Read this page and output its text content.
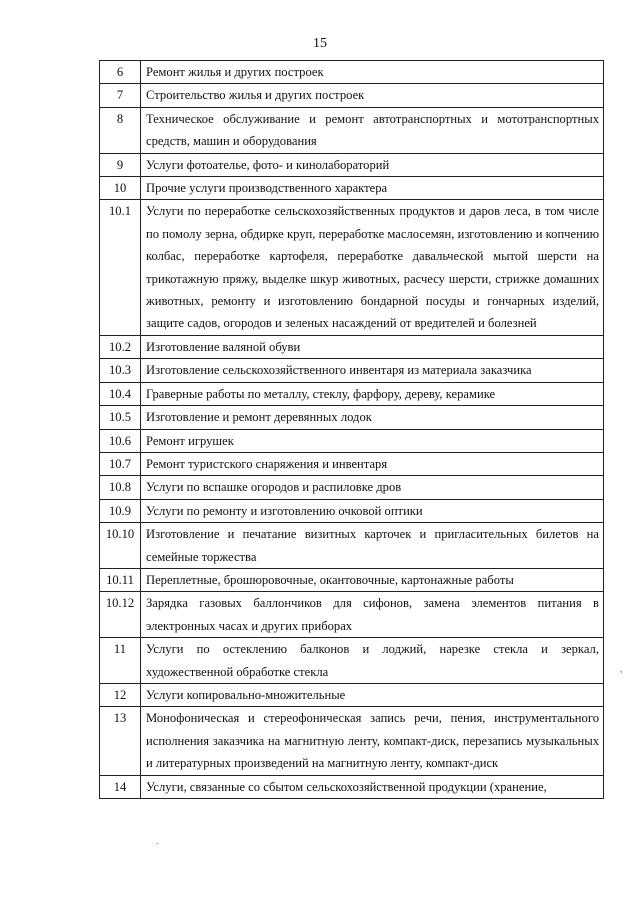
15
6	Ремонт жилья и других построек
7	Строительство жилья и других построек
8	Техническое обслуживание и ремонт автотранспортных и мототранспортных средств, машин и оборудования
9	Услуги фотоателье, фото- и кинолабораторий
10	Прочие услуги производственного характера
10.1	Услуги по переработке сельскохозяйственных продуктов и даров леса, в том числе по помолу зерна, обдирке круп, переработке маслосемян, изготовлению и копчению колбас, переработке картофеля, переработке давальческой мытой шерсти на трикотажную пряжу, выделке шкур животных, расчесу шерсти, стрижке домашних животных, ремонту и изготовлению бондарной посуды и гончарных изделий, защите садов, огородов и зеленых насаждений от вредителей и болезней
10.2	Изготовление валяной обуви
10.3	Изготовление сельскохозяйственного инвентаря из материала заказчика
10.4	Граверные работы по металлу, стеклу, фарфору, дереву, керамике
10.5	Изготовление и ремонт деревянных лодок
10.6	Ремонт игрушек
10.7	Ремонт туристского снаряжения и инвентаря
10.8	Услуги по вспашке огородов и распиловке дров
10.9	Услуги по ремонту и изготовлению очковой оптики
10.10	Изготовление и печатание визитных карточек и пригласительных билетов на семейные торжества
10.11	Переплетные, брошюровочные, окантовочные, картонажные работы
10.12	Зарядка газовых баллончиков для сифонов, замена элементов питания в электронных часах и других приборах
11	Услуги по остеклению балконов и лоджий, нарезке стекла и зеркал, художественной обработке стекла
12	Услуги копировально-множительные
13	Монофоническая и стереофоническая запись речи, пения, инструментального исполнения заказчика на магнитную ленту, компакт-диск, перезапись музыкальных и литературных произведений на магнитную ленту, компакт-диск
14	Услуги, связанные со сбытом сельскохозяйственной продукции (хранение,
,
.
